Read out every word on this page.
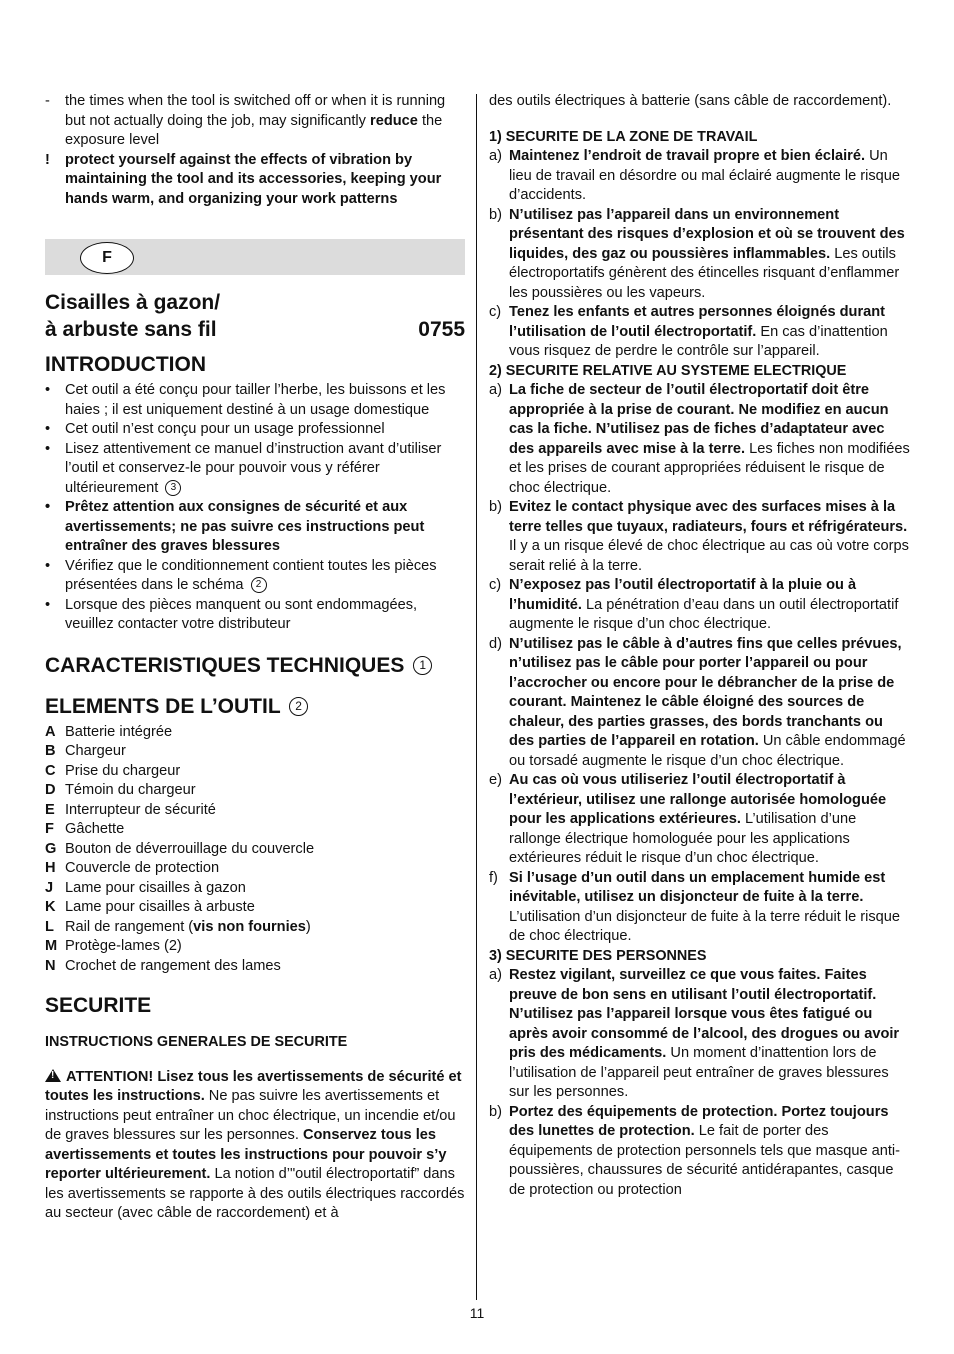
- the times when the tool is switched off or when it is running but not actually doing the job, may significantly reduce the exposure level
! protect yourself against the effects of vibration by maintaining the tool and its accessories, keeping your hands warm, and organizing your work patterns
F
Cisailles à gazon/
à arbuste sans fil	0755
INTRODUCTION
• Cet outil a été conçu pour tailler l’herbe, les buissons et les haies ; il est uniquement destiné à un usage domestique
• Cet outil n’est conçu pour un usage professionnel
• Lisez attentivement ce manuel d’instruction avant d’utiliser l’outil et conservez-le pour pouvoir vous y référer ultérieurement 3
• Prêtez attention aux consignes de sécurité et aux avertissements; ne pas suivre ces instructions peut entraîner des graves blessures
• Vérifiez que le conditionnement contient toutes les pièces présentées dans le schéma 2
• Lorsque des pièces manquent ou sont endommagées, veuillez contacter votre distributeur
CARACTERISTIQUES TECHNIQUES 1
ELEMENTS DE L’OUTIL 2
A Batterie intégrée
B Chargeur
C Prise du chargeur
D Témoin du chargeur
E Interrupteur de sécurité
F Gâchette
G Bouton de déverrouillage du couvercle
H Couvercle de protection
J Lame pour cisailles à gazon
K Lame pour cisailles à arbuste
L Rail de rangement (vis non fournies)
M Protège-lames (2)
N Crochet de rangement des lames
SECURITE
INSTRUCTIONS GENERALES DE SECURITE
!ATTENTION! Lisez tous les avertissements de sécurité et toutes les instructions. Ne pas suivre les avertissements et instructions peut entraîner un choc électrique, un incendie et/ou de graves blessures sur les personnes. Conservez tous les avertissements et toutes les instructions pour pouvoir s’y reporter ultérieurement. La notion d’"outil électroportatif” dans les avertissements se rapporte à des outils électriques raccordés au secteur (avec câble de raccordement) et à
des outils électriques à batterie (sans câble de raccordement).
1) SECURITE DE LA ZONE DE TRAVAIL
a) Maintenez l’endroit de travail propre et bien éclairé. Un lieu de travail en désordre ou mal éclairé augmente le risque d’accidents.
b) N’utilisez pas l’appareil dans un environnement présentant des risques d’explosion et où se trouvent des liquides, des gaz ou poussières inflammables. Les outils électroportatifs génèrent des étincelles risquant d’enflammer les poussières ou les vapeurs.
c) Tenez les enfants et autres personnes éloignés durant l’utilisation de l’outil électroportatif. En cas d’inattention vous risquez de perdre le contrôle sur l’appareil.
2) SECURITE RELATIVE AU SYSTEME ELECTRIQUE
a) La fiche de secteur de l’outil électroportatif doit être appropriée à la prise de courant. Ne modifiez en aucun cas la fiche. N’utilisez pas de fiches d’adaptateur avec des appareils avec mise à la terre. Les fiches non modifiées et les prises de courant appropriées réduisent le risque de choc électrique.
b) Evitez le contact physique avec des surfaces mises à la terre telles que tuyaux, radiateurs, fours et réfrigérateurs. Il y a un risque élevé de choc électrique au cas où votre corps serait relié à la terre.
c) N’exposez pas l’outil électroportatif à la pluie ou à l’humidité. La pénétration d’eau dans un outil électroportatif augmente le risque d’un choc électrique.
d) N’utilisez pas le câble à d’autres fins que celles prévues, n’utilisez pas le câble pour porter l’appareil ou pour l’accrocher ou encore pour le débrancher de la prise de courant. Maintenez le câble éloigné des sources de chaleur, des parties grasses, des bords tranchants ou des parties de l’appareil en rotation. Un câble endommagé ou torsadé augmente le risque d’un choc électrique.
e) Au cas où vous utiliseriez l’outil électroportatif à l’extérieur, utilisez une rallonge autorisée homologuée pour les applications extérieures. L’utilisation d’une rallonge électrique homologuée pour les applications extérieures réduit le risque d’un choc électrique.
f) Si l’usage d’un outil dans un emplacement humide est inévitable, utilisez un disjoncteur de fuite à la terre. L’utilisation d’un disjoncteur de fuite à la terre réduit le risque de choc électrique.
3) SECURITE DES PERSONNES
a) Restez vigilant, surveillez ce que vous faites. Faites preuve de bon sens en utilisant l’outil électroportatif. N’utilisez pas l’appareil lorsque vous êtes fatigué ou après avoir consommé de l’alcool, des drogues ou avoir pris des médicaments. Un moment d’inattention lors de l’utilisation de l’appareil peut entraîner de graves blessures sur les personnes.
b) Portez des équipements de protection. Portez toujours des lunettes de protection. Le fait de porter des équipements de protection personnels tels que masque anti-poussières, chaussures de sécurité antidérapantes, casque de protection ou protection
11
